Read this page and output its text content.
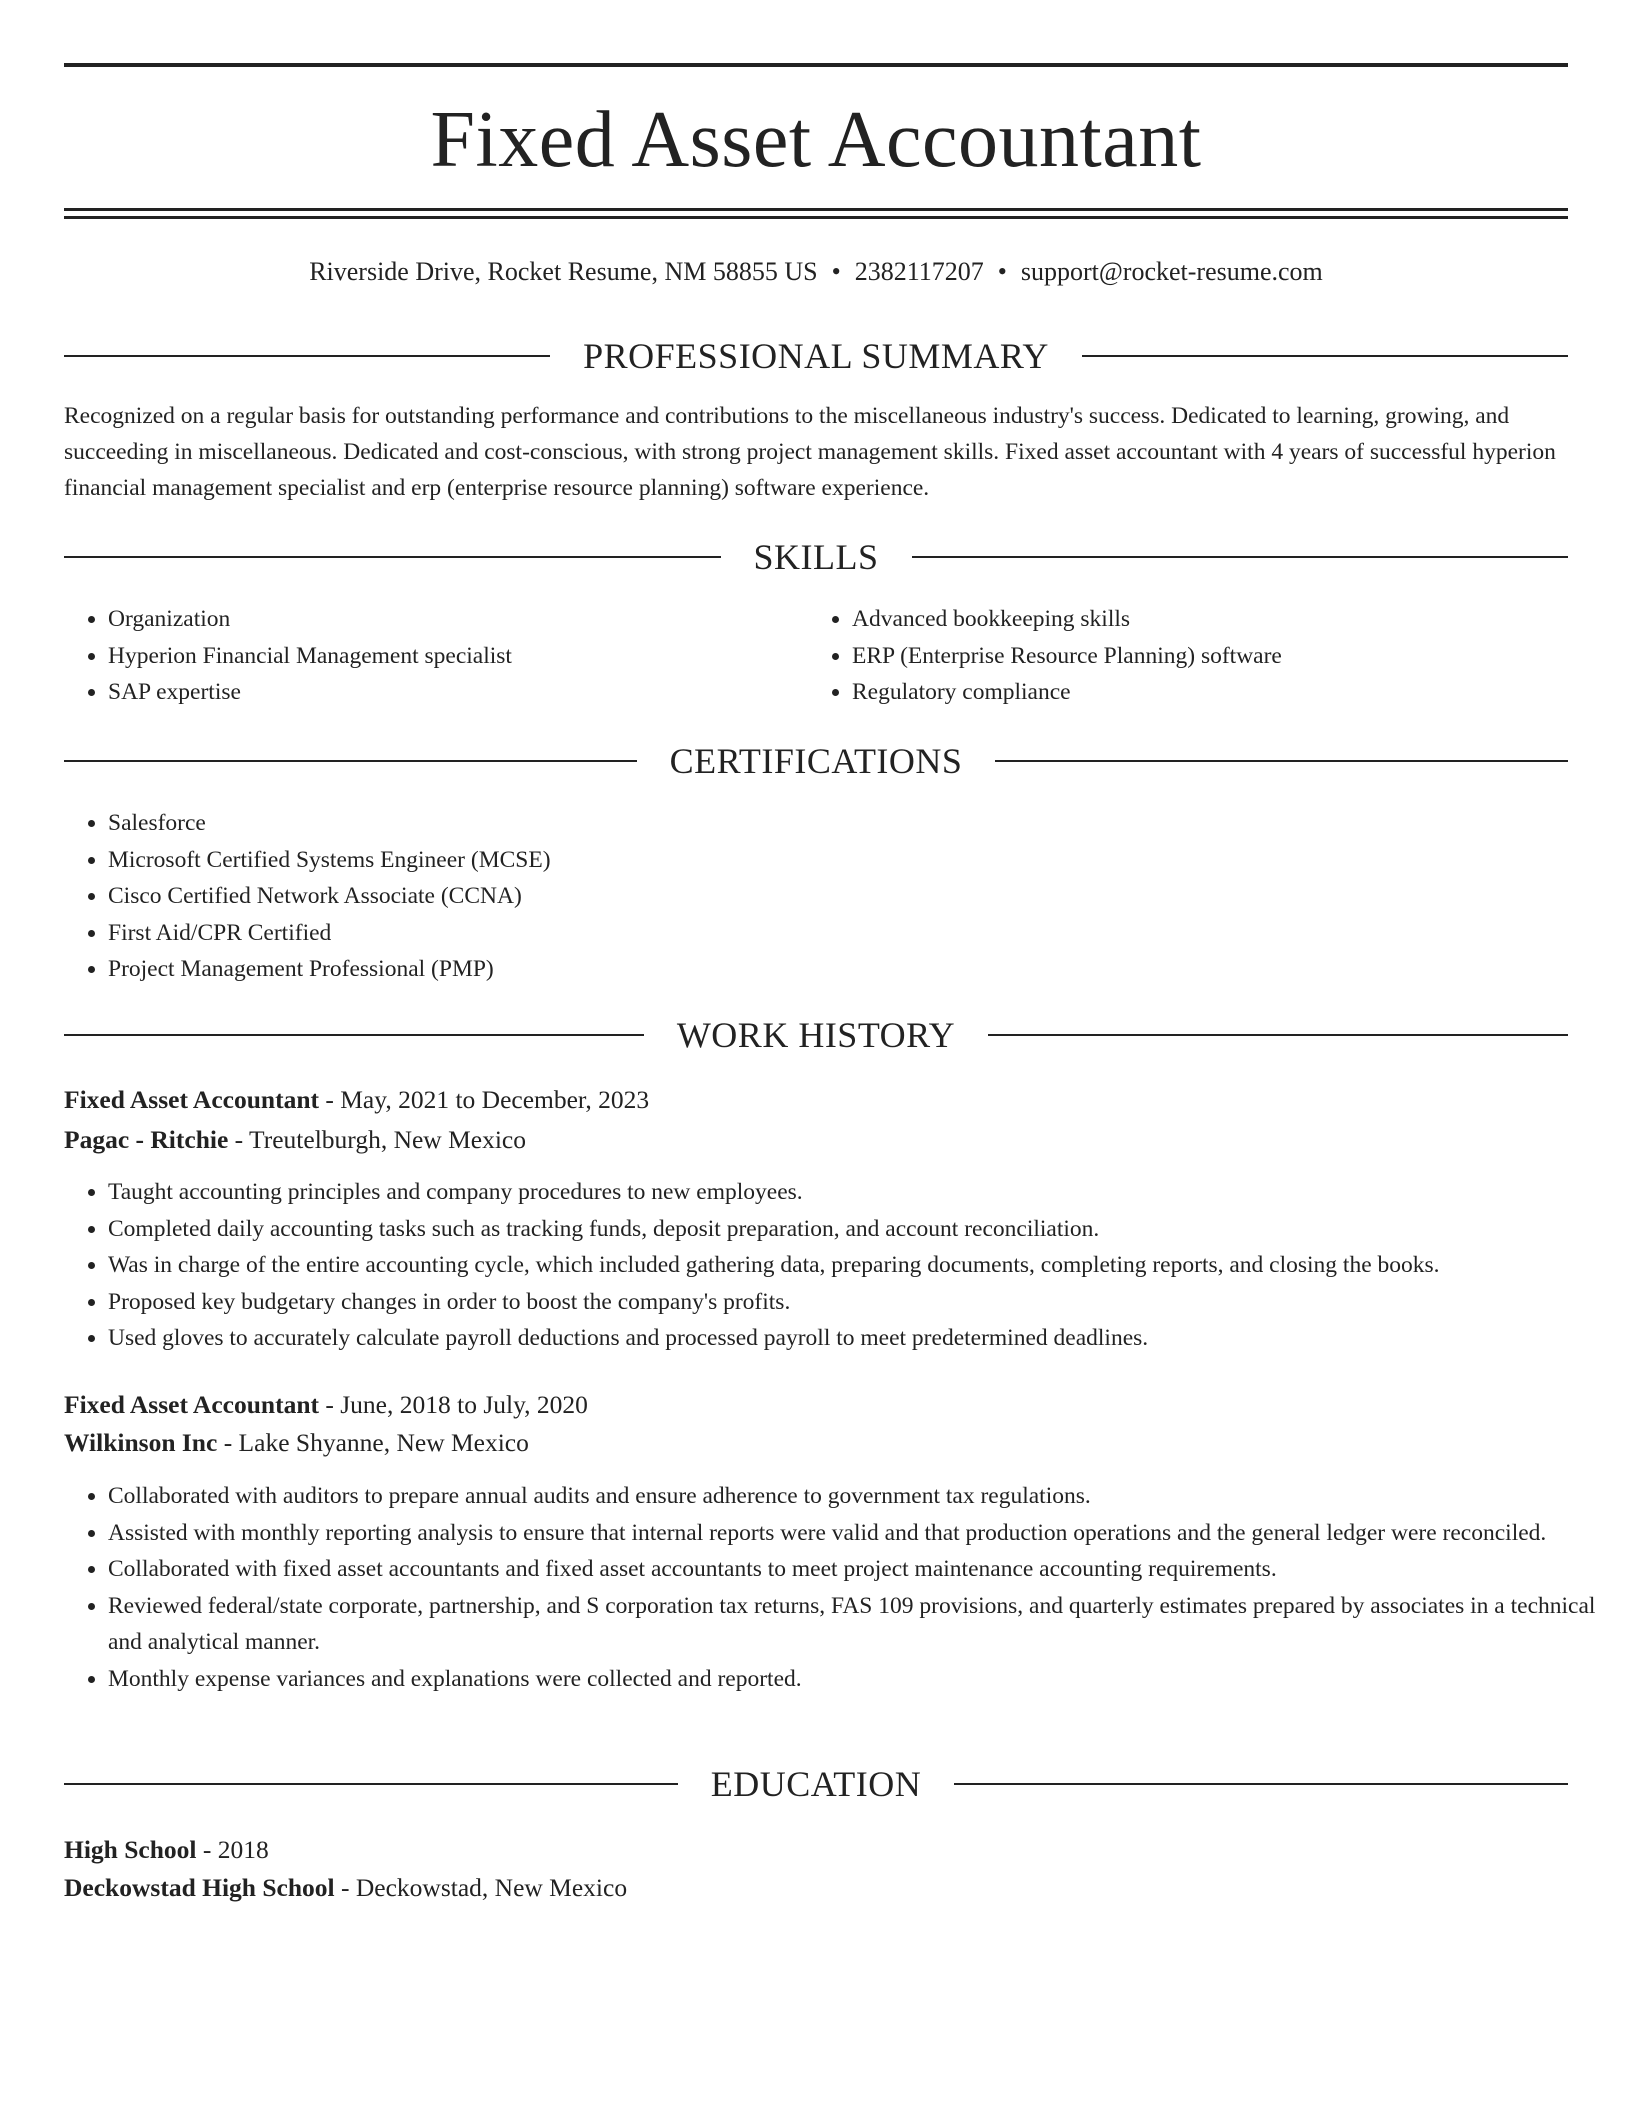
Fixed Asset Accountant
Riverside Drive, Rocket Resume, NM 58855 US • 2382117207 • support@rocket-resume.com
PROFESSIONAL SUMMARY
Recognized on a regular basis for outstanding performance and contributions to the miscellaneous industry's success. Dedicated to learning, growing, and succeeding in miscellaneous. Dedicated and cost-conscious, with strong project management skills. Fixed asset accountant with 4 years of successful hyperion financial management specialist and erp (enterprise resource planning) software experience.
SKILLS
• Organization
• Hyperion Financial Management specialist
• SAP expertise
• Advanced bookkeeping skills
• ERP (Enterprise Resource Planning) software
• Regulatory compliance
CERTIFICATIONS
• Salesforce
• Microsoft Certified Systems Engineer (MCSE)
• Cisco Certified Network Associate (CCNA)
• First Aid/CPR Certified
• Project Management Professional (PMP)
WORK HISTORY
Fixed Asset Accountant - May, 2021 to December, 2023
Pagac - Ritchie - Treutelburgh, New Mexico
• Taught accounting principles and company procedures to new employees.
• Completed daily accounting tasks such as tracking funds, deposit preparation, and account reconciliation.
• Was in charge of the entire accounting cycle, which included gathering data, preparing documents, completing reports, and closing the books.
• Proposed key budgetary changes in order to boost the company's profits.
• Used gloves to accurately calculate payroll deductions and processed payroll to meet predetermined deadlines.
Fixed Asset Accountant - June, 2018 to July, 2020
Wilkinson Inc - Lake Shyanne, New Mexico
• Collaborated with auditors to prepare annual audits and ensure adherence to government tax regulations.
• Assisted with monthly reporting analysis to ensure that internal reports were valid and that production operations and the general ledger were reconciled.
• Collaborated with fixed asset accountants and fixed asset accountants to meet project maintenance accounting requirements.
• Reviewed federal/state corporate, partnership, and S corporation tax returns, FAS 109 provisions, and quarterly estimates prepared by associates in a technical and analytical manner.
• Monthly expense variances and explanations were collected and reported.
EDUCATION
High School - 2018
Deckowstad High School - Deckowstad, New Mexico
